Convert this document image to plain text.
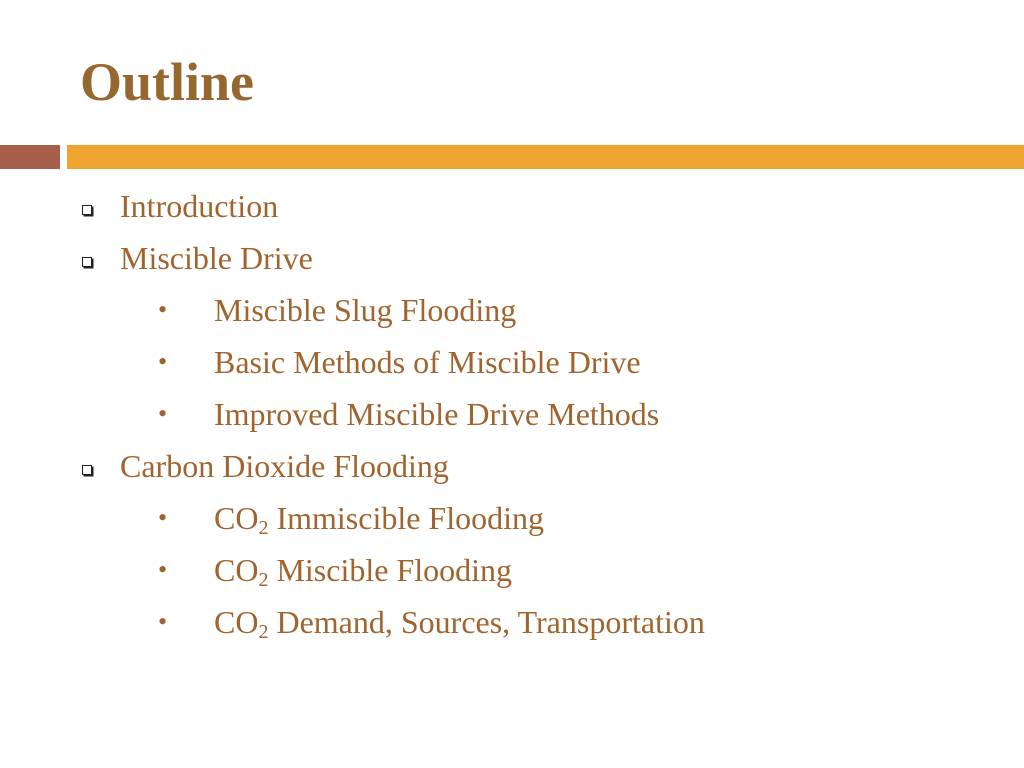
Outline
Introduction
Miscible Drive
• Miscible Slug Flooding
• Basic Methods of Miscible Drive
• Improved Miscible Drive Methods
Carbon Dioxide Flooding
• $CO_2$ Immiscible Flooding
• $CO_2$ Miscible Flooding
• $CO_2$ Demand, Sources, Transportation
